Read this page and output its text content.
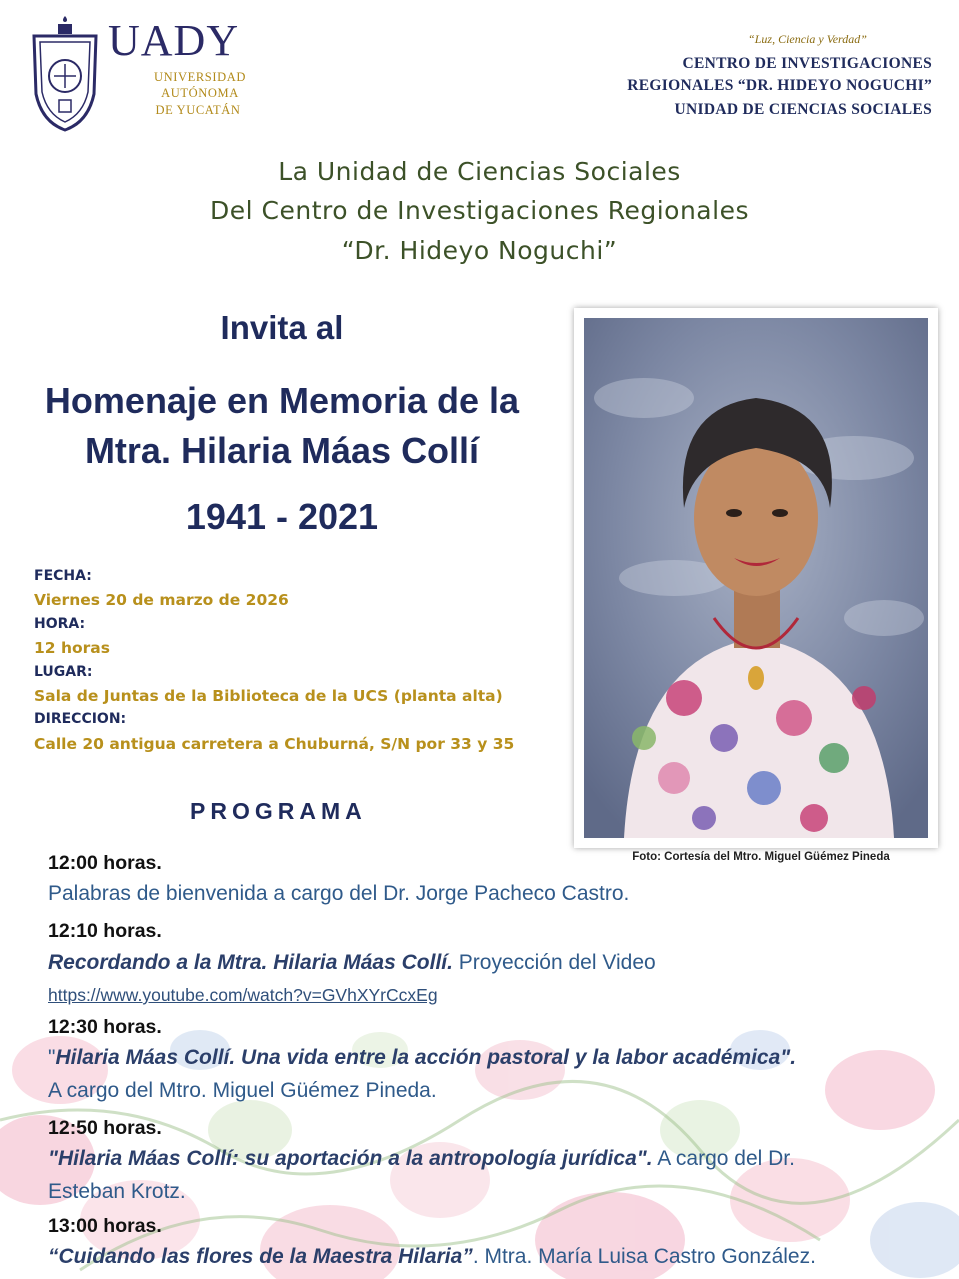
UADY
UNIVERSIDAD
AUTÓNOMA
DE YUCATÁN
“Luz, Ciencia y Verdad”
CENTRO DE INVESTIGACIONES
REGIONALES “DR. HIDEYO NOGUCHI”
UNIDAD DE CIENCIAS SOCIALES
La Unidad de Ciencias Sociales
Del Centro de Investigaciones Regionales
“Dr. Hideyo Noguchi”
Invita al
Homenaje en Memoria de la
Mtra. Hilaria Máas Collí
1941 - 2021
FECHA:
Viernes 20 de marzo de 2026
HORA:
12 horas
LUGAR:
Sala de Juntas de la Biblioteca de la UCS (planta alta)
DIRECCION:
Calle 20 antigua carretera a Chuburná, S/N por 33 y 35
PROGRAMA
Foto: Cortesía del Mtro. Miguel Güémez Pineda
12:00 horas.
Palabras de bienvenida a cargo del Dr. Jorge Pacheco Castro.
12:10 horas.
Recordando a la Mtra. Hilaria Máas Collí. Proyección del Video
https://www.youtube.com/watch?v=GVhXYrCcxEg
12:30 horas.
"Hilaria Máas Collí. Una vida entre la acción pastoral y la labor académica".
A cargo del Mtro. Miguel Güémez Pineda.
12:50 horas.
"Hilaria Máas Collí: su aportación a la antropología jurídica". A cargo del Dr.
Esteban Krotz.
13:00 horas.
“Cuidando las flores de la Maestra Hilaria”. Mtra. María Luisa Castro González.
